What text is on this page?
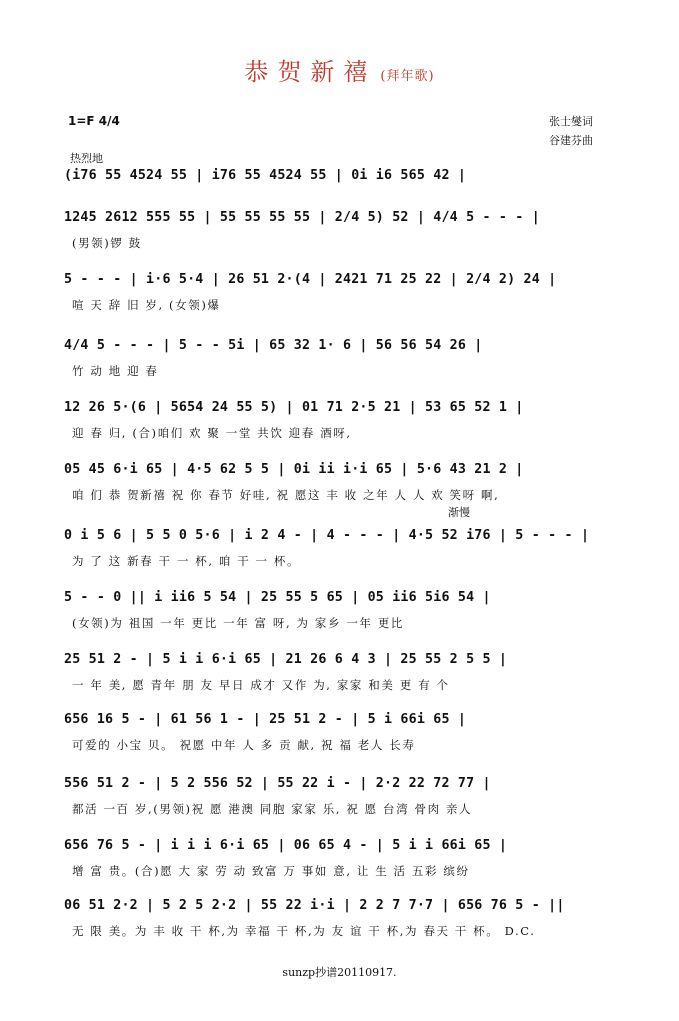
恭贺新禧 (拜年歌)
1=F 4/4	张士燮词
谷建芬曲
热烈地
(i76 55 4524 55 | i76 55 4524 55 | 0i i6 565 42 |
1245 2612 555 55 | 55 55 55 55 | 2/4 5) 52 | 4/4 5 - - - |
(男领)锣 鼓
5 - - - | i·6 5·4 | 26 51 2·(4 | 2421 71 25 22 | 2/4 2) 24 |
喧 天 辞 旧 岁, (女领)爆
4/4 5 - - - | 5 - - 5i | 65 32 1· 6 | 56 56 54 26 |
竹 动 地 迎 春
12 26 5·(6 | 5654 24 55 5) | 01 71 2·5 21 | 53 65 52 1 |
迎 春 归, (合)咱们 欢 聚 一堂 共饮 迎春 酒呀,
05 45 6·i 65 | 4·5 62 5 5 | 0i ii i·i 65 | 5·6 43 21 2 |
咱 们 恭 贺新禧 祝 你 春节 好哇, 祝 愿这 丰 收 之年 人 人 欢 笑呀 啊,
渐慢
0 i 5 6 | 5 5 0 5·6 | i 2 4 - | 4 - - - | 4·5 52 i76 | 5 - - - |
为 了 这 新春 干 一 杯, 咱 干 一 杯。
5 - - 0 || i ii6 5 54 | 25 55 5 65 | 05 ii6 5i6 54 |
(女领)为 祖国 一年 更比 一年 富 呀, 为 家乡 一年 更比
25 51 2 - | 5 i i 6·i 65 | 21 26 6 4 3 | 25 55 2 5 5 |
一 年 美, 愿 青年 朋 友 早日 成才 又作 为, 家家 和美 更 有 个
656 16 5 - | 61 56 1 - | 25 51 2 - | 5 i 66i 65 |
可爱的 小宝 贝。 祝愿 中年 人 多 贡 献, 祝 福 老人 长寿
556 51 2 - | 5 2 556 52 | 55 22 i - | 2·2 22 72 77 |
都活 一百 岁,(男领)祝 愿 港澳 同胞 家家 乐, 祝 愿 台湾 骨肉 亲人
656 76 5 - | i i i 6·i 65 | 06 65 4 - | 5 i i 66i 65 |
增 富 贵。(合)愿 大 家 劳 动 致富 万 事如 意, 让 生 活 五彩 缤纷
06 51 2·2 | 5 2 5 2·2 | 55 22 i·i | 2 2 7 7·7 | 656 76 5 - ||
无 限 美。为 丰 收 干 杯,为 幸福 干 杯,为 友 谊 干 杯,为 春天 干 杯。 D.C.
sunzp抄谱20110917.
